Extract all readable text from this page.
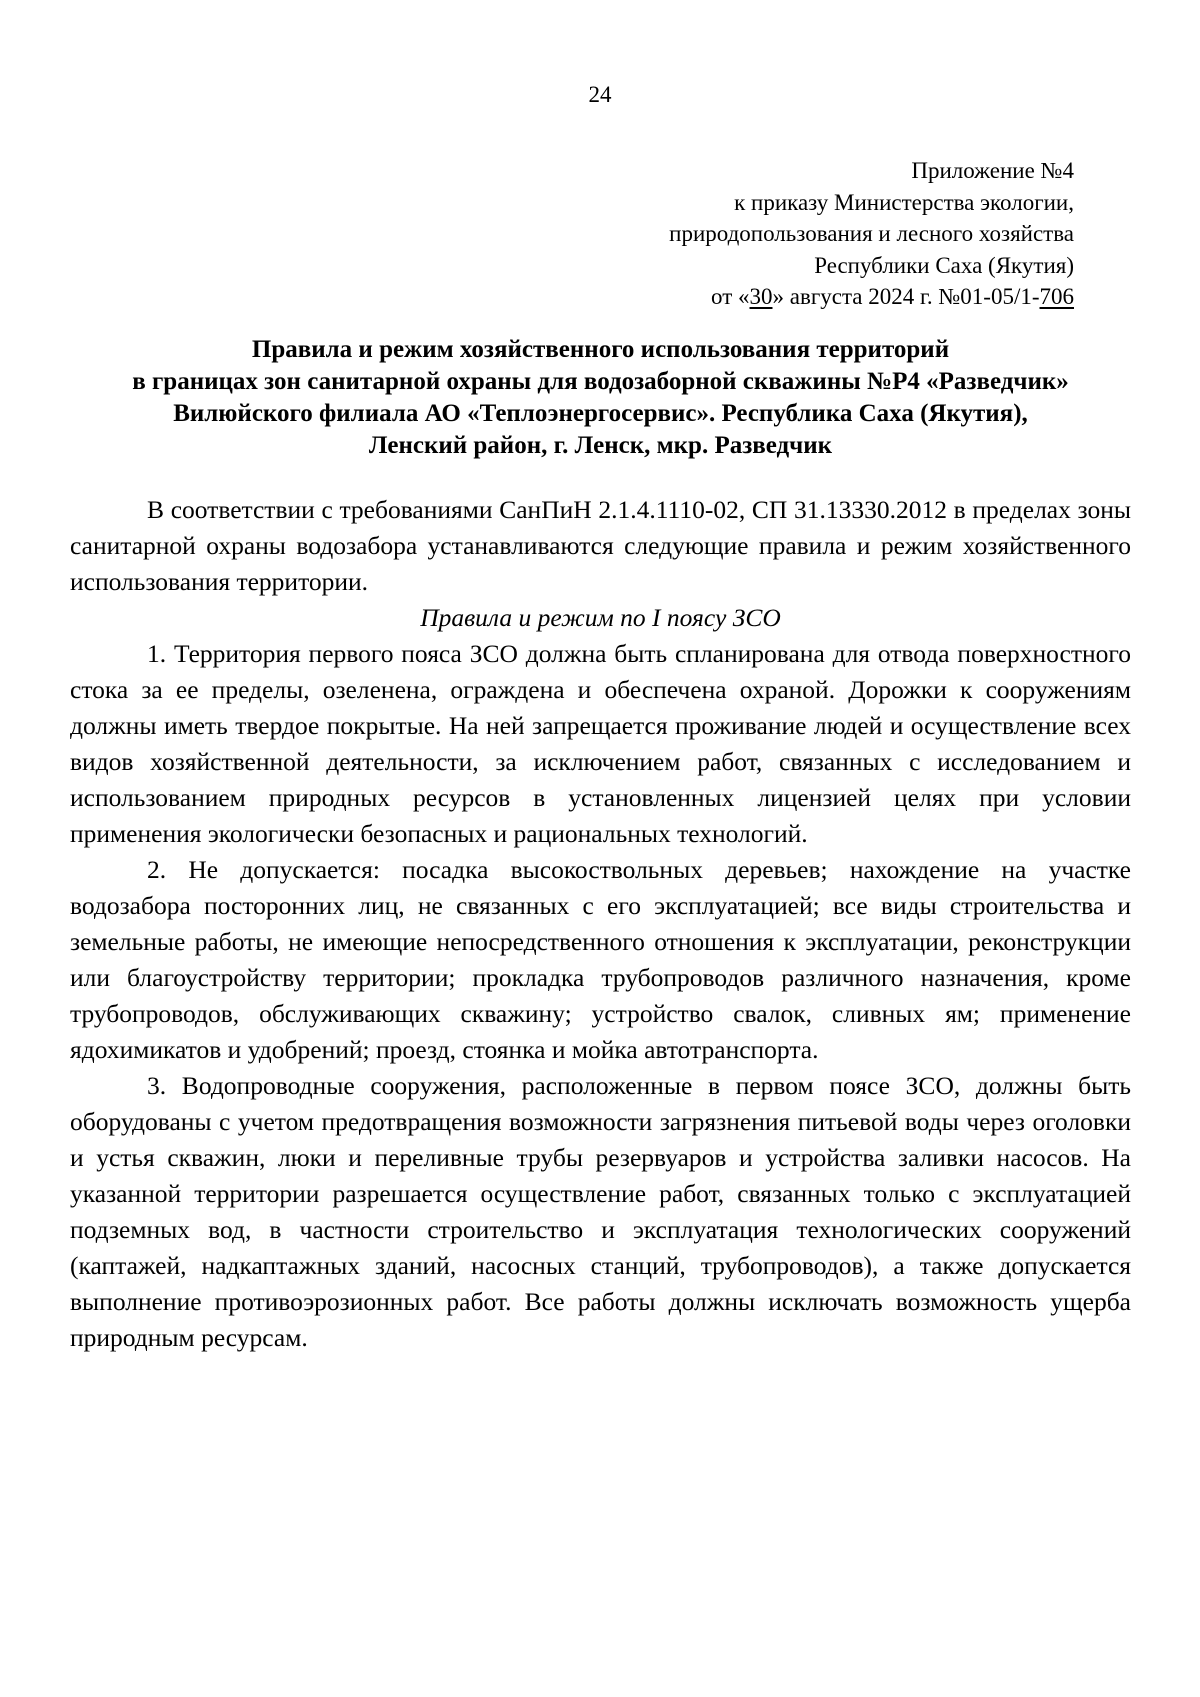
24
Приложение №4
к приказу Министерства экологии,
природопользования и лесного хозяйства
Республики Саха (Якутия)
от «30» августа 2024 г. №01-05/1-706
Правила и режим хозяйственного использования территорий
в границах зон санитарной охраны для водозаборной скважины №Р4 «Разведчик»
Вилюйского филиала АО «Теплоэнергосервис». Республика Саха (Якутия),
Ленский район, г. Ленск, мкр. Разведчик

В соответствии с требованиями СанПиН 2.1.4.1110-02, СП 31.13330.2012 в пределах зоны санитарной охраны водозабора устанавливаются следующие правила и режим хозяйственного использования территории.

Правила и режим по I поясу ЗСО

1. Территория первого пояса ЗСО должна быть спланирована для отвода поверхностного стока за ее пределы, озеленена, ограждена и обеспечена охраной. Дорожки к сооружениям должны иметь твердое покрытые. На ней запрещается проживание людей и осуществление всех видов хозяйственной деятельности, за исключением работ, связанных с исследованием и использованием природных ресурсов в установленных лицензией целях при условии применения экологически безопасных и рациональных технологий.

2. Не допускается: посадка высокоствольных деревьев; нахождение на участке водозабора посторонних лиц, не связанных с его эксплуатацией; все виды строительства и земельные работы, не имеющие непосредственного отношения к эксплуатации, реконструкции или благоустройству территории; прокладка трубопроводов различного назначения, кроме трубопроводов, обслуживающих скважину; устройство свалок, сливных ям; применение ядохимикатов и удобрений; проезд, стоянка и мойка автотранспорта.

3. Водопроводные сооружения, расположенные в первом поясе ЗСО, должны быть оборудованы с учетом предотвращения возможности загрязнения питьевой воды через оголовки и устья скважин, люки и переливные трубы резервуаров и устройства заливки насосов. На указанной территории разрешается осуществление работ, связанных только с эксплуатацией подземных вод, в частности строительство и эксплуатация технологических сооружений (каптажей, надкаптажных зданий, насосных станций, трубопроводов), а также допускается выполнение противоэрозионных работ. Все работы должны исключать возможность ущерба природным ресурсам.
